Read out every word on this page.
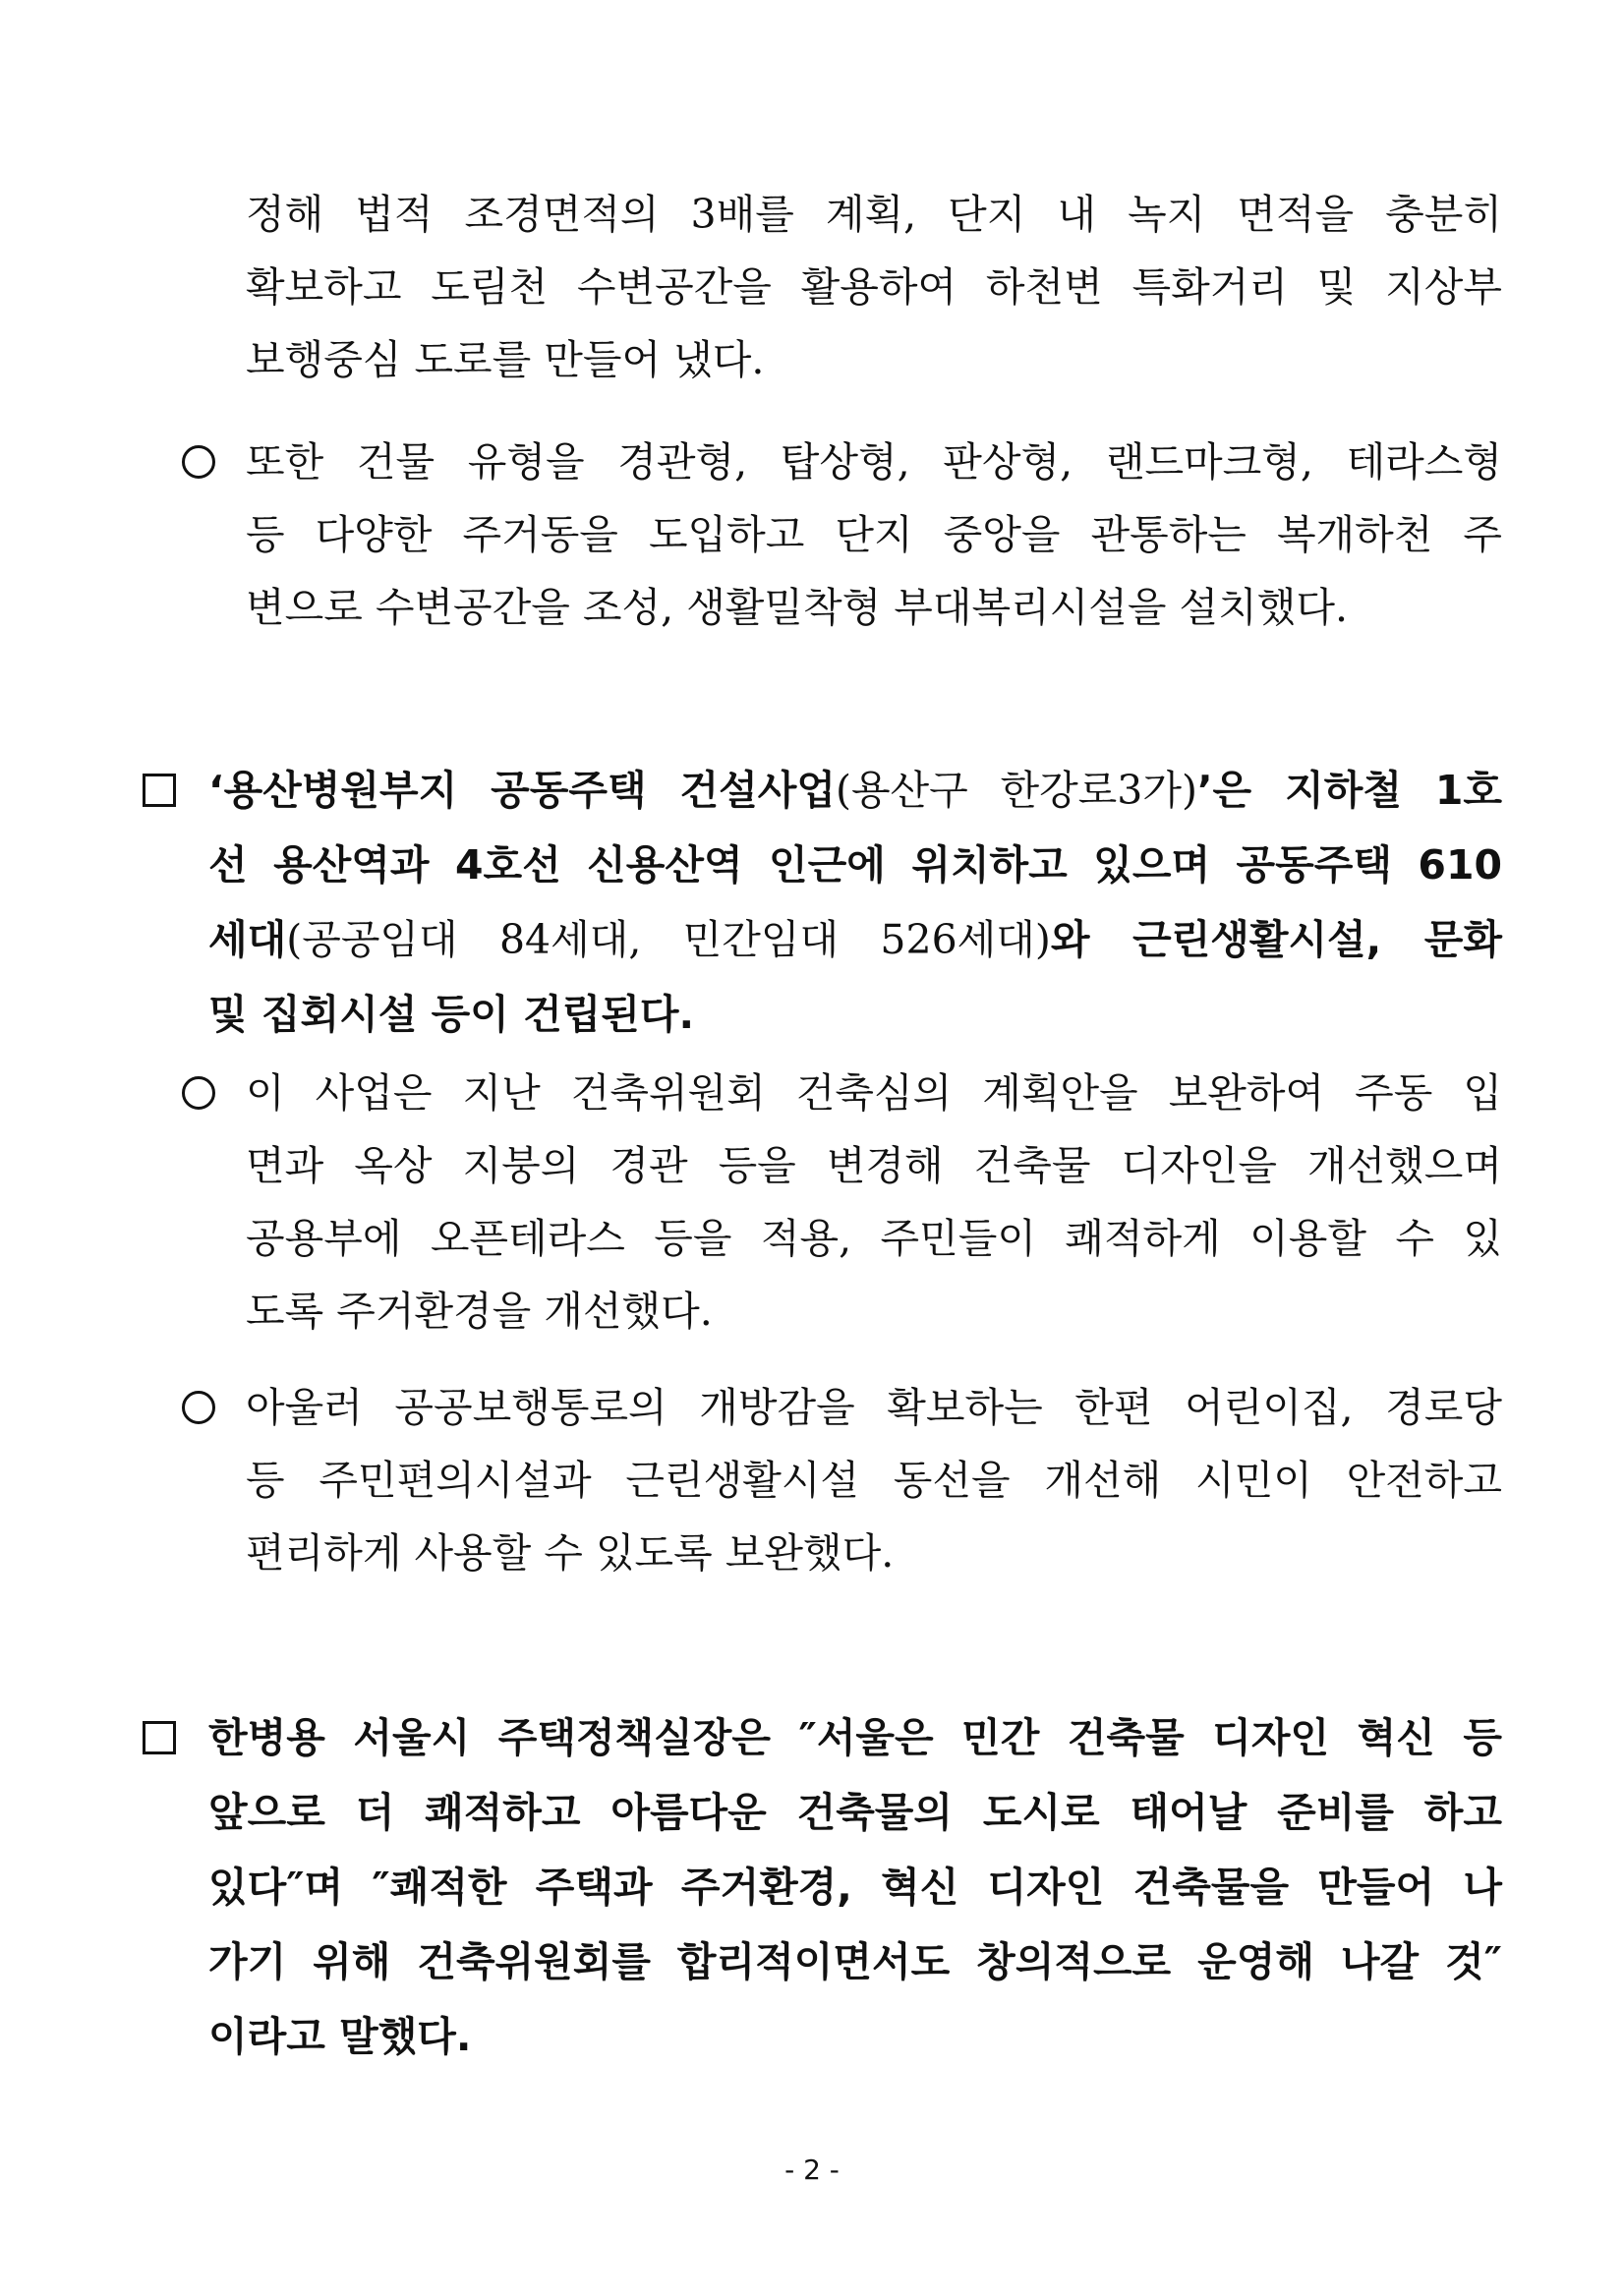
정해 법적 조경면적의 3배를 계획, 단지 내 녹지 면적을 충분히
확보하고 도림천 수변공간을 활용하여 하천변 특화거리 및 지상부
보행중심 도로를 만들어 냈다.
또한 건물 유형을 경관형, 탑상형, 판상형, 랜드마크형, 테라스형
등 다양한 주거동을 도입하고 단지 중앙을 관통하는 복개하천 주
변으로 수변공간을 조성, 생활밀착형 부대복리시설을 설치했다.
‘용산병원부지 공동주택 건설사업(용산구 한강로3가)’은 지하철 1호
선 용산역과 4호선 신용산역 인근에 위치하고 있으며 공동주택 610
세대(공공임대 84세대, 민간임대 526세대)와 근린생활시설, 문화
및 집회시설 등이 건립된다.
이 사업은 지난 건축위원회 건축심의 계획안을 보완하여 주동 입
면과 옥상 지붕의 경관 등을 변경해 건축물 디자인을 개선했으며
공용부에 오픈테라스 등을 적용, 주민들이 쾌적하게 이용할 수 있
도록 주거환경을 개선했다.
아울러 공공보행통로의 개방감을 확보하는 한편 어린이집, 경로당
등 주민편의시설과 근린생활시설 동선을 개선해 시민이 안전하고
편리하게 사용할 수 있도록 보완했다.
한병용 서울시 주택정책실장은 ″서울은 민간 건축물 디자인 혁신 등
앞으로 더 쾌적하고 아름다운 건축물의 도시로 태어날 준비를 하고
있다″며 ″쾌적한 주택과 주거환경, 혁신 디자인 건축물을 만들어 나
가기 위해 건축위원회를 합리적이면서도 창의적으로 운영해 나갈 것″
이라고 말했다.
- 2 -
